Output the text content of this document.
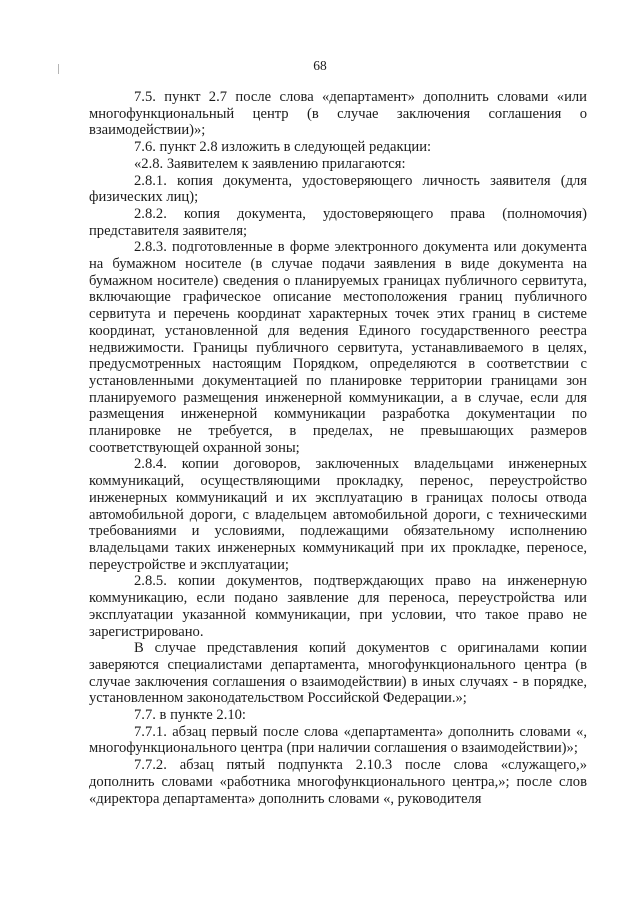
68

7.5. пункт 2.7 после слова «департамент» дополнить словами «или многофункциональный центр (в случае заключения соглашения о взаимодействии)»;

7.6. пункт 2.8 изложить в следующей редакции:

«2.8. Заявителем к заявлению прилагаются:

2.8.1. копия документа, удостоверяющего личность заявителя (для физических лиц);

2.8.2. копия документа, удостоверяющего права (полномочия) представителя заявителя;

2.8.3. подготовленные в форме электронного документа или документа на бумажном носителе (в случае подачи заявления в виде документа на бумажном носителе) сведения о планируемых границах публичного сервитута, включающие графическое описание местоположения границ публичного сервитута и перечень координат характерных точек этих границ в системе координат, установленной для ведения Единого государственного реестра недвижимости. Границы публичного сервитута, устанавливаемого в целях, предусмотренных настоящим Порядком, определяются в соответствии с установленными документацией по планировке территории границами зон планируемого размещения инженерной коммуникации, а в случае, если для размещения инженерной коммуникации разработка документации по планировке не требуется, в пределах, не превышающих размеров соответствующей охранной зоны;

2.8.4. копии договоров, заключенных владельцами инженерных коммуникаций, осуществляющими прокладку, перенос, переустройство инженерных коммуникаций и их эксплуатацию в границах полосы отвода автомобильной дороги, с владельцем автомобильной дороги, с техническими требованиями и условиями, подлежащими обязательному исполнению владельцами таких инженерных коммуникаций при их прокладке, переносе, переустройстве и эксплуатации;

2.8.5. копии документов, подтверждающих право на инженерную коммуникацию, если подано заявление для переноса, переустройства или эксплуатации указанной коммуникации, при условии, что такое право не зарегистрировано.

В случае представления копий документов с оригиналами копии заверяются специалистами департамента, многофункционального центра (в случае заключения соглашения о взаимодействии) в иных случаях - в порядке, установленном законодательством Российской Федерации.»;

7.7. в пункте 2.10:

7.7.1. абзац первый после слова «департамента» дополнить словами «, многофункционального центра (при наличии соглашения о взаимодействии)»;

7.7.2. абзац пятый подпункта 2.10.3 после слова «служащего,» дополнить словами «работника многофункционального центра,»; после слов «директора департамента» дополнить словами «, руководителя
